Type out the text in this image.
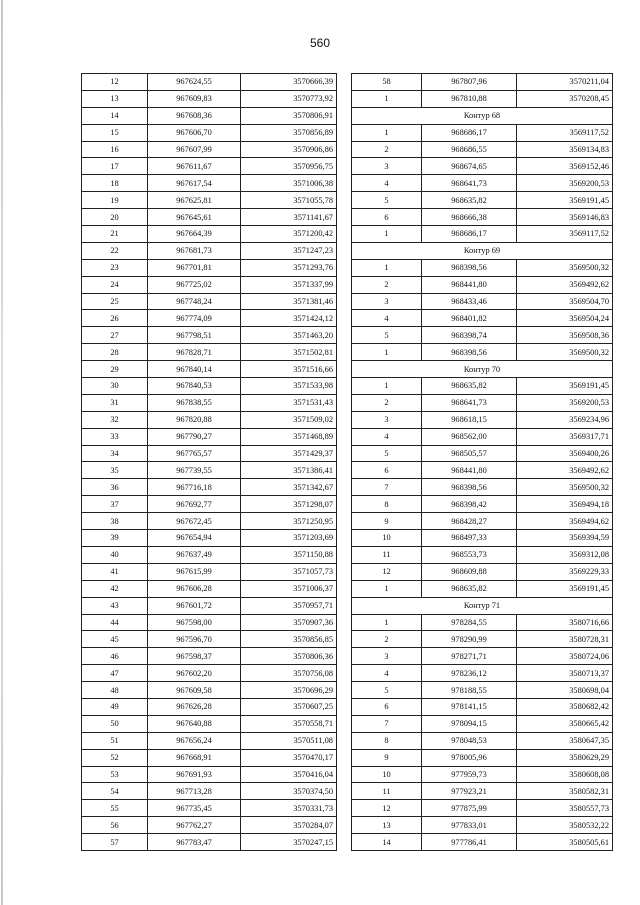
560
12	967624,55	3570666,39
13	967609,83	3570773,92
14	967608,36	3570806,91
15	967606,70	3570856,89
16	967607,99	3570906,86
17	967611,67	3570956,75
18	967617,54	3571006,38
19	967625,81	3571055,78
20	967645,61	3571141,67
21	967664,39	3571200,42
22	967681,73	3571247,23
23	967701,81	3571293,76
24	967725,02	3571337,99
25	967748,24	3571381,46
26	967774,09	3571424,12
27	967798,51	3571463,20
28	967828,71	3571502,81
29	967840,14	3571516,66
30	967840,53	3571533,98
31	967838,55	3571531,43
32	967820,88	3571509,02
33	967790,27	3571468,89
34	967765,57	3571429,37
35	967739,55	3571386,41
36	967716,18	3571342,67
37	967692,77	3571298,07
38	967672,45	3571250,95
39	967654,94	3571203,69
40	967637,49	3571150,88
41	967615,99	3571057,73
42	967606,28	3571006,37
43	967601,72	3570957,71
44	967598,00	3570907,36
45	967596,70	3570856,85
46	967598,37	3570806,36
47	967602,20	3570756,08
48	967609,58	3570696,29
49	967626,28	3570607,25
50	967640,88	3570558,71
51	967656,24	3570511,08
52	967668,91	3570470,17
53	967691,93	3570416,04
54	967713,28	3570374,50
55	967735,45	3570331,73
56	967762,27	3570284,07
57	967783,47	3570247,15
58	967807,96	3570211,04
1	967810,88	3570208,45
Контур 68		
1	968686,17	3569117,52
2	968686,55	3569134,83
3	968674,65	3569152,46
4	968641,73	3569200,53
5	968635,82	3569191,45
6	968666,38	3569146,83
1	968686,17	3569117,52
Контур 69		
1	968398,56	3569500,32
2	968441,80	3569492,62
3	968433,46	3569504,70
4	968401,82	3569504,24
5	968398,74	3569508,36
1	968398,56	3569500,32
Контур 70		
1	968635,82	3569191,45
2	968641,73	3569200,53
3	968618,15	3569234,96
4	968562,00	3569317,71
5	968505,57	3569400,26
6	968441,80	3569492,62
7	968398,56	3569500,32
8	968398,42	3569494,18
9	968428,27	3569494,62
10	968497,33	3569394,59
11	968553,73	3569312,08
12	968609,88	3569229,33
1	968635,82	3569191,45
Контур 71		
1	978284,55	3580716,66
2	978290,99	3580728,31
3	978271,71	3580724,06
4	978236,12	3580713,37
5	978188,55	3580698,04
6	978141,15	3580682,42
7	978094,15	3580665,42
8	978048,53	3580647,35
9	978005,96	3580629,29
10	977959,73	3580608,08
11	977923,21	3580582,31
12	977875,99	3580557,73
13	977833,01	3580532,22
14	977786,41	3580505,61
